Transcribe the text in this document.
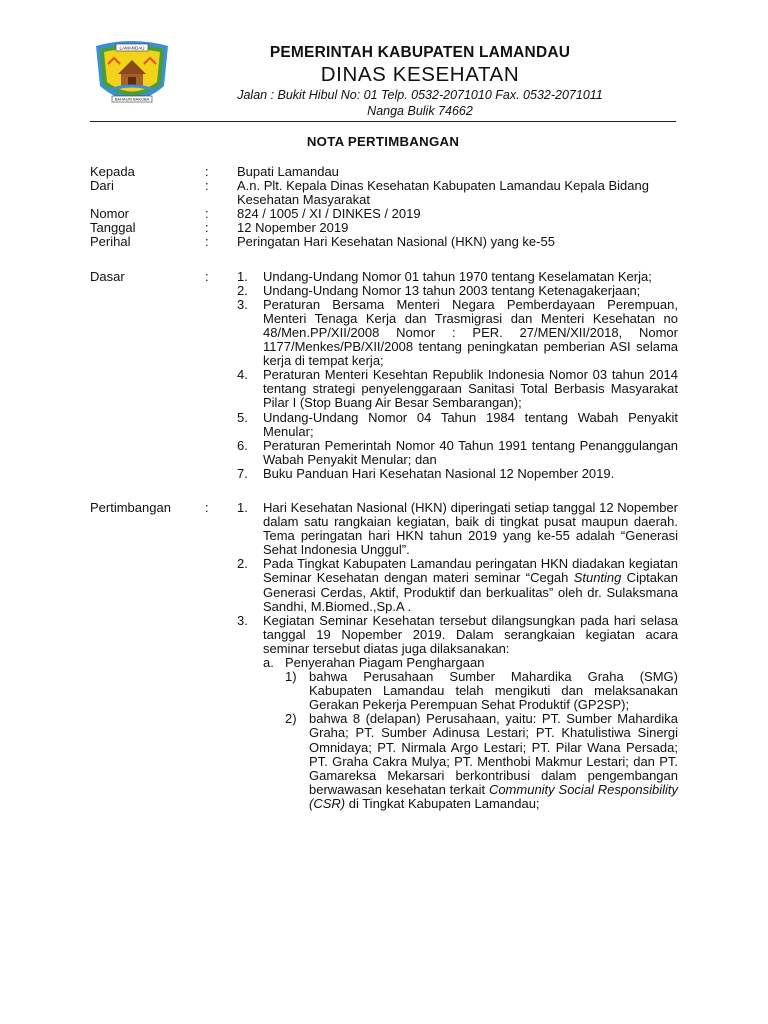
LAMANDAU
BAHAUM BAKUBA
PEMERINTAH KABUPATEN LAMANDAU
DINAS KESEHATAN
Jalan : Bukit Hibul No: 01 Telp. 0532-2071010 Fax. 0532-2071011
Nanga Bulik 74662
NOTA PERTIMBANGAN
Kepada	:	Bupati Lamandau
Dari	:	A.n. Plt. Kepala Dinas Kesehatan Kabupaten Lamandau Kepala Bidang Kesehatan Masyarakat
Nomor	:	824 / 1005 / XI / DINKES / 2019
Tanggal	:	12 Nopember 2019
Perihal	:	Peringatan Hari Kesehatan Nasional (HKN) yang ke-55
Dasar	:	1.	Undang-Undang Nomor 01 tahun 1970 tentang Keselamatan Kerja;
2.	Undang-Undang Nomor 13 tahun 2003 tentang Ketenagakerjaan;
3.	Peraturan Bersama Menteri Negara Pemberdayaan Perempuan, Menteri Tenaga Kerja dan Trasmigrasi dan Menteri Kesehatan no 48/Men.PP/XII/2008 Nomor : PER. 27/MEN/XII/2018, Nomor 1177/Menkes/PB/XII/2008 tentang peningkatan pemberian ASI selama kerja di tempat kerja;
4.	Peraturan Menteri Kesehtan Republik Indonesia Nomor 03 tahun 2014 tentang strategi penyelenggaraan Sanitasi Total Berbasis Masyarakat Pilar I (Stop Buang Air Besar Sembarangan);
5.	Undang-Undang Nomor 04 Tahun 1984 tentang Wabah Penyakit Menular;
6.	Peraturan Pemerintah Nomor 40 Tahun 1991 tentang Penanggulangan Wabah Penyakit Menular; dan
7.	Buku Panduan Hari Kesehatan Nasional 12 Nopember 2019.
Pertimbangan	:	1.	Hari Kesehatan Nasional (HKN) diperingati setiap tanggal 12 Nopember dalam satu rangkaian kegiatan, baik di tingkat pusat maupun daerah. Tema peringatan hari HKN tahun 2019 yang ke-55 adalah “Generasi Sehat Indonesia Unggul”.
2.	Pada Tingkat Kabupaten Lamandau peringatan HKN diadakan kegiatan Seminar Kesehatan dengan materi seminar “Cegah Stunting Ciptakan Generasi Cerdas, Aktif, Produktif dan berkualitas” oleh dr. Sulaksmana Sandhi, M.Biomed.,Sp.A .
3.	Kegiatan Seminar Kesehatan tersebut dilangsungkan pada hari selasa tanggal 19 Nopember 2019. Dalam serangkaian kegiatan acara seminar tersebut diatas juga dilaksanakan:
a. Penyerahan Piagam Penghargaan
1) bahwa Perusahaan Sumber Mahardika Graha (SMG) Kabupaten Lamandau telah mengikuti dan melaksanakan Gerakan Pekerja Perempuan Sehat Produktif (GP2SP);
2) bahwa 8 (delapan) Perusahaan, yaitu: PT. Sumber Mahardika Graha; PT. Sumber Adinusa Lestari; PT. Khatulistiwa Sinergi Omnidaya; PT. Nirmala Argo Lestari; PT. Pilar Wana Persada; PT. Graha Cakra Mulya; PT. Menthobi Makmur Lestari; dan PT. Gamareksa Mekarsari berkontribusi dalam pengembangan berwawasan kesehatan terkait Community Social Responsibility (CSR) di Tingkat Kabupaten Lamandau;
